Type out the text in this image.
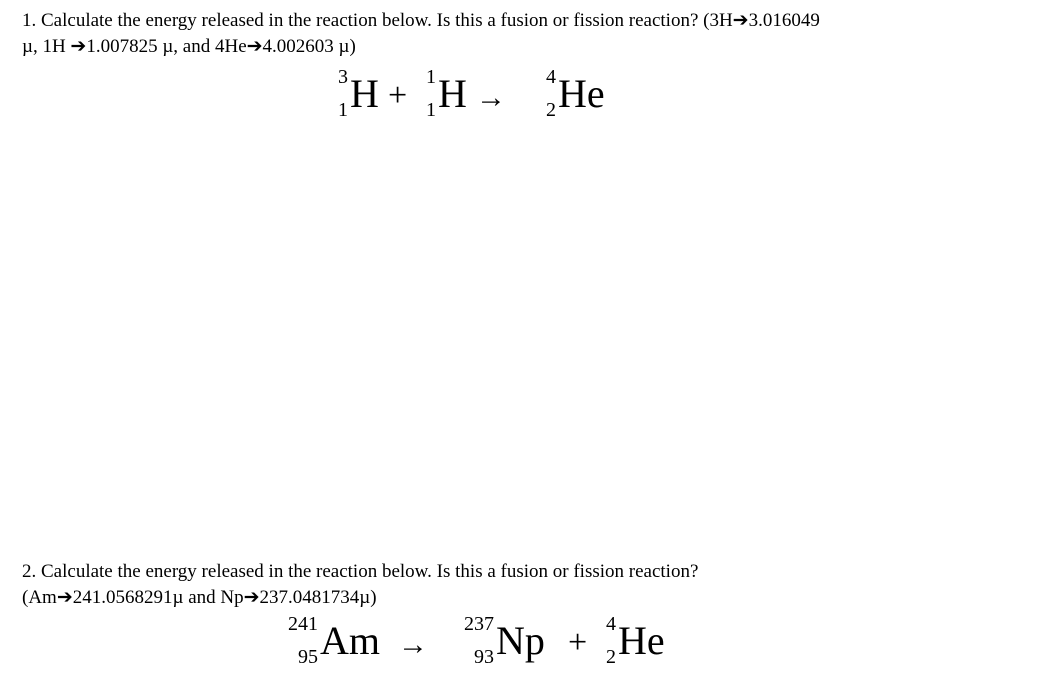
1. Calculate the energy released in the reaction below. Is this a fusion or fission reaction? (3H➔3.016049
µ, 1H ➔1.007825 µ, and 4He➔4.002603 µ)
3
1 H + 1
1 H →
4
2 He
2. Calculate the energy released in the reaction below. Is this a fusion or fission reaction?
(Am➔241.0568291µ and Np➔237.0481734µ)
241
95 Am →
237
93 Np + 4
2 He
